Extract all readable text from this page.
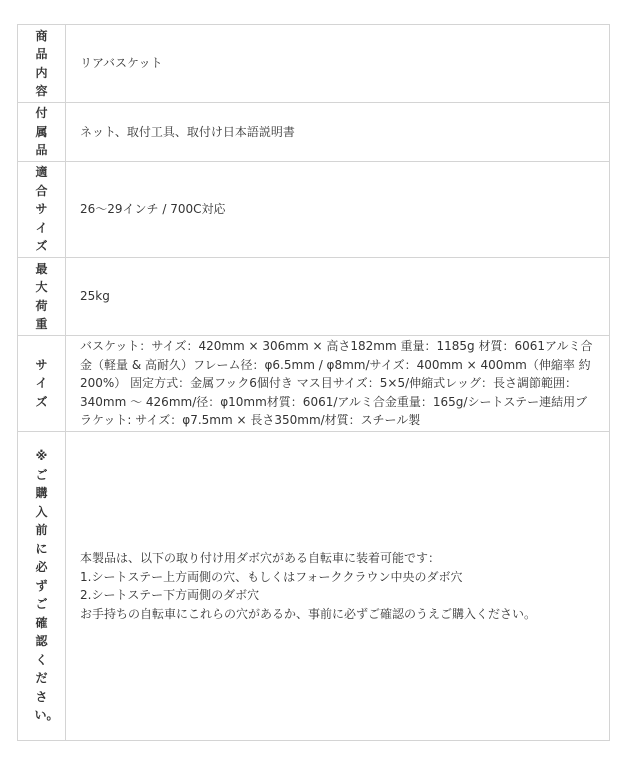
商品内容	リアバスケット

付属品	ネット、取付工具、取付け日本語説明書

適合サイズ	26〜29インチ / 700C対応

最大荷重	25kg

サイズ	バスケット：サイズ：420mm × 306mm × 高さ182mm 重量：1185g 材質：6061アルミ合金（軽量 & 高耐久）フレーム径：φ6.5mm / φ8mm/サイズ：400mm × 400mm（伸縮率 約200%） 固定方式：金属フック6個付き マス目サイズ：5×5/伸縮式レッグ：長さ調節範囲：340mm 〜 426mm/径：φ10mm材質：6061/アルミ合金重量：165g/シートステー連結用ブラケット: サイズ：φ7.5mm × 長さ350mm/材質：スチール製

※ご購入前に必ずご確認ください。	本製品は、以下の取り付け用ダボ穴がある自転車に装着可能です：
1.シートステー上方両側の穴、もしくはフォーククラウン中央のダボ穴
2.シートステー下方両側のダボ穴
お手持ちの自転車にこれらの穴があるか、事前に必ずご確認のうえご購入ください。
